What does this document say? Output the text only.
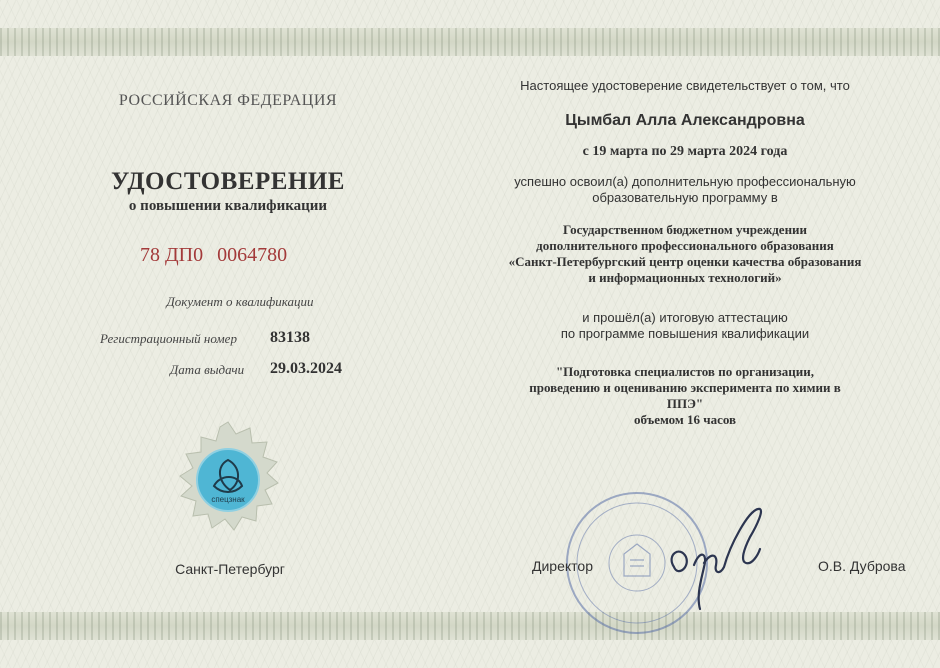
РОССИЙСКАЯ ФЕДЕРАЦИЯ
УДОСТОВЕРЕНИЕ
о повышении квалификации
78 ДП0 0064780
Документ о квалификации
Регистрационный номер 83138
Дата выдачи 29.03.2024
спецзнак
Санкт-Петербург
Настоящее удостоверение свидетельствует о том, что
Цымбал Алла Александровна
с 19 марта по 29 марта 2024 года
успешно освоил(а) дополнительную профессиональную
образовательную программу в
Государственном бюджетном учреждении
дополнительного профессионального образования
«Санкт-Петербургский центр оценки качества образования
и информационных технологий»
и прошёл(а) итоговую аттестацию
по программе повышения квалификации
"Подготовка специалистов по организации,
проведению и оцениванию эксперимента по химии в
ППЭ"
объемом 16 часов
Директор	О.В. Дуброва
